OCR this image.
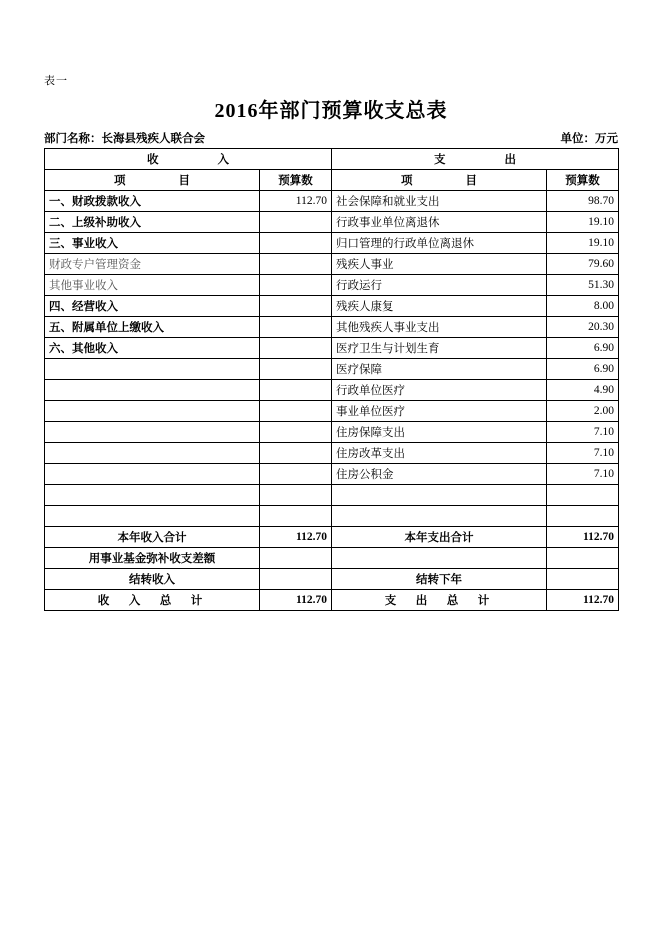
表一
2016年部门预算收支总表
部门名称：长海县残疾人联合会	单位：万元
收　　入		支　　出	
项　　目	预算数	项　　目	预算数
一、财政拨款收入	112.70	社会保障和就业支出	98.70
二、上级补助收入		行政事业单位离退休	19.10
三、事业收入		归口管理的行政单位离退休	19.10
财政专户管理资金		残疾人事业	79.60
其他事业收入		行政运行	51.30
四、经营收入		残疾人康复	8.00
五、附属单位上缴收入		其他残疾人事业支出	20.30
六、其他收入		医疗卫生与计划生育	6.90
		医疗保障	6.90
		行政单位医疗	4.90
		事业单位医疗	2.00
		住房保障支出	7.10
		住房改革支出	7.10
		住房公积金	7.10

本年收入合计	112.70	本年支出合计	112.70
用事业基金弥补收支差额			
结转收入		结转下年	
收　入　总　计	112.70	支　出　总　计	112.70
